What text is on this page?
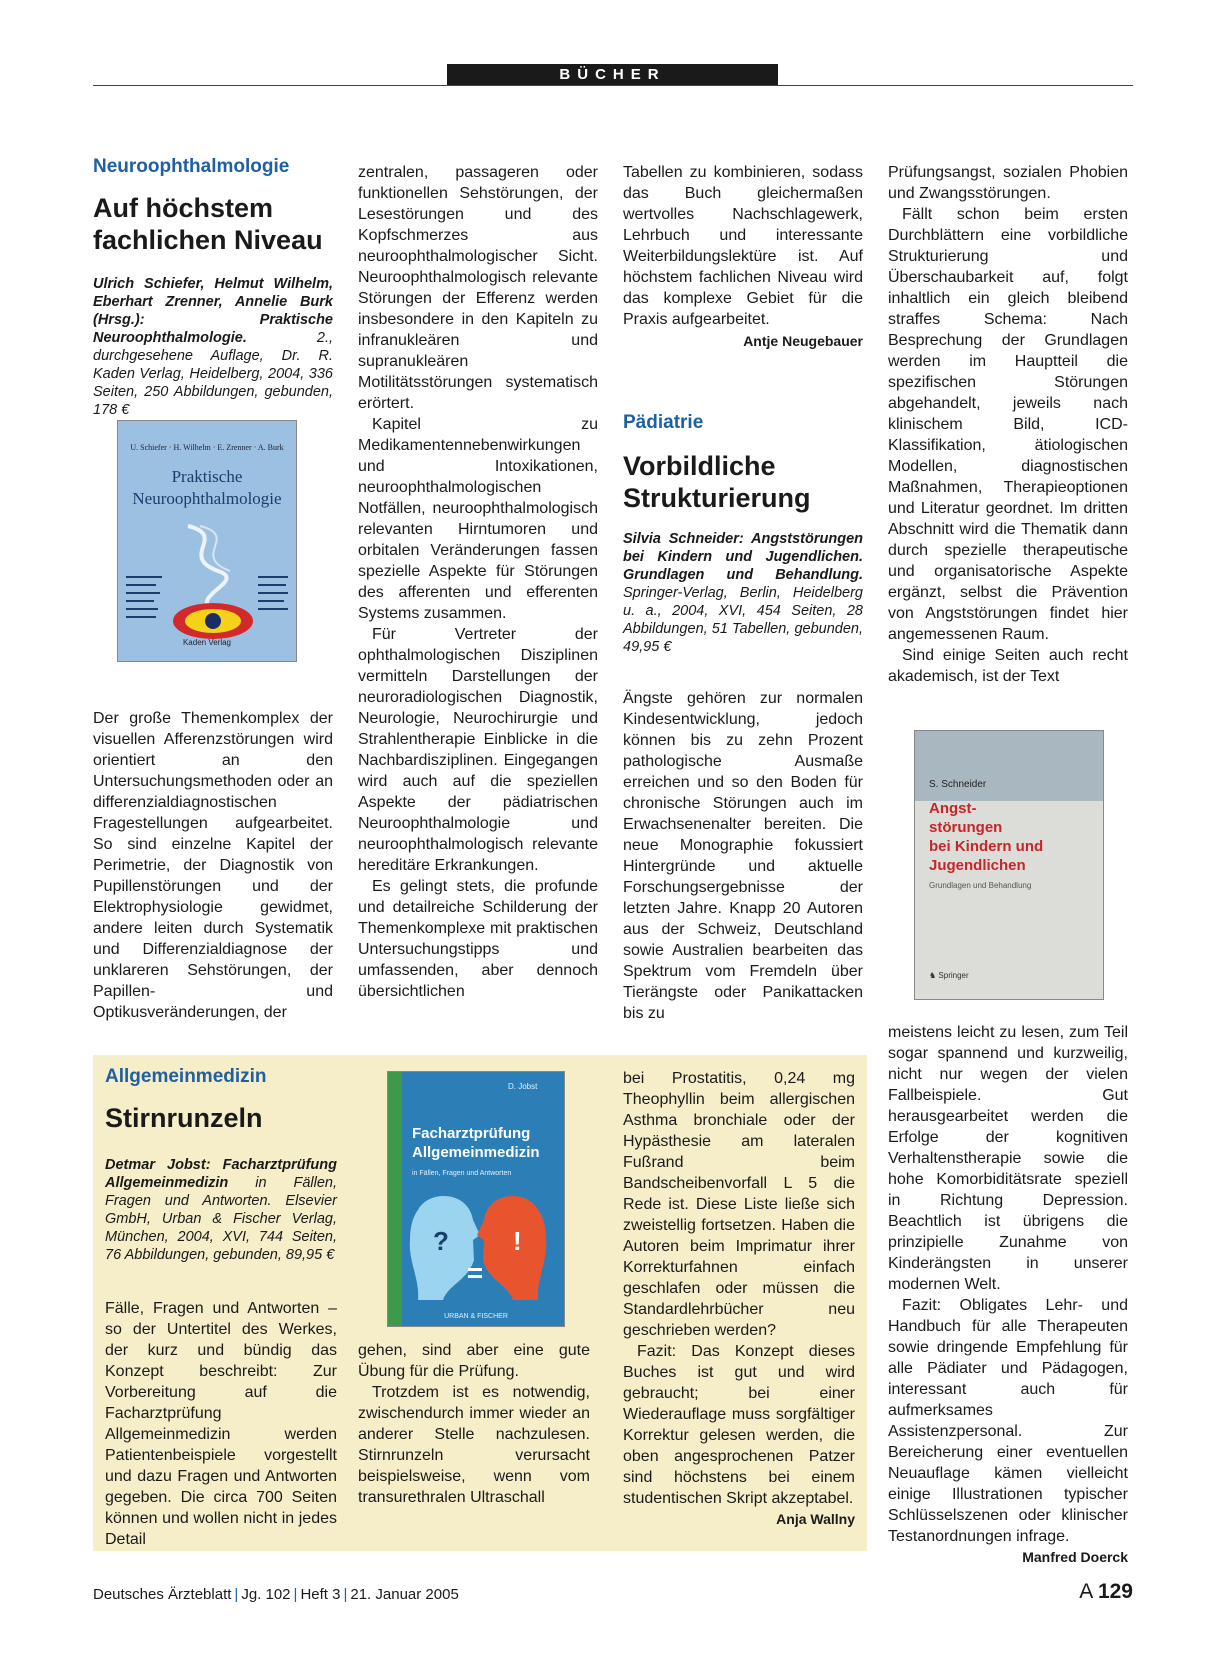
BÜCHER
Neuroophthalmologie
Auf höchstem
fachlichen Niveau
Ulrich Schiefer, Helmut Wilhelm, Eberhart Zrenner, Annelie Burk (Hrsg.): Praktische Neuroophthalmologie.	2., durchgesehene Auflage, Dr. R. Kaden Verlag, Heidelberg, 2004, 336 Seiten, 250 Abbildungen, gebunden, 178 €
U. Schiefer · H. Wilhelm · E. Zrenner · A. Burk
Praktische Neuroophthalmologie
Kaden Verlag

Der große Themenkomplex der visuellen Afferenzstörungen wird orientiert an den Untersuchungsmethoden oder an differenzialdiagnostischen Fragestellungen aufgearbeitet. So sind einzelne Kapitel der Perimetrie, der Diagnostik von Pupillenstörungen und der Elektrophysiologie gewidmet, andere leiten durch Systematik und Differenzialdiagnose der unklareren Sehstörungen, der Papillen- und Optikusveränderungen, der

zentralen, passageren oder funktionellen Sehstörungen, der Lesestörungen und des Kopfschmerzes aus neuroophthalmologischer Sicht. Neuroophthalmologisch relevante Störungen der Efferenz werden insbesondere in den Kapiteln zu infranukleären und supranukleären Motilitätsstörungen systematisch erörtert.

Kapitel zu Medikamentennebenwirkungen und Intoxikationen, neuroophthalmologischen Notfällen, neuroophthalmologisch relevanten Hirntumoren und orbitalen Veränderungen fassen spezielle Aspekte für Störungen des afferenten und efferenten Systems zusammen.

Für Vertreter der ophthalmologischen Disziplinen vermitteln Darstellungen der neuroradiologischen Diagnostik, Neurologie, Neurochirurgie und Strahlentherapie Einblicke in die Nachbardisziplinen. Eingegangen wird auch auf die speziellen Aspekte der pädiatrischen Neuroophthalmologie und neuroophthalmologisch relevante hereditäre Erkrankungen.

Es gelingt stets, die profunde und detailreiche Schilderung der Themenkomplexe mit praktischen Untersuchungstipps und umfassenden, aber dennoch übersichtlichen

Tabellen zu kombinieren, sodass das Buch gleichermaßen wertvolles Nachschlagewerk, Lehrbuch und interessante Weiterbildungslektüre ist. Auf höchstem fachlichen Niveau wird das komplexe Gebiet für die Praxis aufgearbeitet.

Antje Neugebauer
Pädiatrie
Vorbildliche
Strukturierung
Silvia Schneider: Angststörungen bei Kindern und Jugendlichen. Grundlagen und Behandlung. Springer-Verlag, Berlin, Heidelberg u. a., 2004, XVI, 454 Seiten, 28 Abbildungen, 51 Tabellen, gebunden, 49,95 €

Ängste gehören zur normalen Kindesentwicklung, jedoch können bis zu zehn Prozent pathologische Ausmaße erreichen und so den Boden für chronische Störungen auch im Erwachsenenalter bereiten. Die neue Monographie fokussiert Hintergründe und aktuelle Forschungsergebnisse der letzten Jahre. Knapp 20 Autoren aus der Schweiz, Deutschland sowie Australien bearbeiten das Spektrum vom Fremdeln über Tierängste oder Panikattacken bis zu

Prüfungsangst, sozialen Phobien und Zwangsstörungen.

Fällt schon beim ersten Durchblättern eine vorbildliche Strukturierung und Überschaubarkeit auf, folgt inhaltlich ein gleich bleibend straffes Schema: Nach Besprechung der Grundlagen werden im Hauptteil die spezifischen Störungen abgehandelt, jeweils nach klinischem Bild, ICD-Klassifikation, ätiologischen Modellen, diagnostischen Maßnahmen, Therapieoptionen und Literatur geordnet. Im dritten Abschnitt wird die Thematik dann durch spezielle therapeutische und organisatorische Aspekte ergänzt, selbst die Prävention von Angststörungen findet hier angemessenen Raum.

Sind einige Seiten auch recht akademisch, ist der Text

S. Schneider
Angst-
störungen
bei Kindern und
Jugendlichen
Grundlagen und Behandlung
♞ Springer

meistens leicht zu lesen, zum Teil sogar spannend und kurzweilig, nicht nur wegen der vielen Fallbeispiele. Gut herausgearbeitet werden die Erfolge der kognitiven Verhaltenstherapie sowie die hohe Komorbiditätsrate speziell in Richtung Depression. Beachtlich ist übrigens die prinzipielle Zunahme von Kinderängsten in unserer modernen Welt.

Fazit: Obligates Lehr- und Handbuch für alle Therapeuten sowie dringende Empfehlung für alle Pädiater und Pädagogen, interessant auch für aufmerksames Assistenzpersonal. Zur Bereicherung einer eventuellen Neuauflage kämen vielleicht einige Illustrationen typischer Schlüsselszenen oder klinischer Testanordnungen infrage.
Manfred Doerck

Allgemeinmedizin
Stirnrunzeln
Detmar Jobst: Facharztprüfung Allgemeinmedizin in Fällen, Fragen und Antworten. Elsevier GmbH, Urban & Fischer Verlag, München, 2004, XVI, 744 Seiten, 76 Abbildungen, gebunden, 89,95 €

Fälle, Fragen und Antworten – so der Untertitel des Werkes, der kurz und bündig das Konzept beschreibt: Zur Vorbereitung auf die Facharztprüfung Allgemeinmedizin werden Patientenbeispiele vorgestellt und dazu Fragen und Antworten gegeben. Die circa 700 Seiten können und wollen nicht in jedes Detail

D. Jobst
Facharztprüfung
Allgemeinmedizin
in Fällen, Fragen und Antworten
? !
URBAN & FISCHER

gehen, sind aber eine gute Übung für die Prüfung.

Trotzdem ist es notwendig, zwischendurch immer wieder an anderer Stelle nachzulesen. Stirnrunzeln verursacht beispielsweise, wenn vom transurethralen Ultraschall

bei Prostatitis, 0,24 mg Theophyllin beim allergischen Asthma bronchiale oder der Hypästhesie am lateralen Fußrand beim Bandscheibenvorfall L 5 die Rede ist. Diese Liste ließe sich zweistellig fortsetzen. Haben die Autoren beim Imprimatur ihrer Korrekturfahnen einfach geschlafen oder müssen die Standardlehrbücher neu geschrieben werden?

Fazit: Das Konzept dieses Buches ist gut und wird gebraucht; bei einer Wiederauflage muss sorgfältiger Korrektur gelesen werden, die oben angesprochenen Patzer sind höchstens bei einem studentischen Skript akzeptabel.
Anja Wallny

Deutsches Ärzteblatt | Jg. 102 | Heft 3 | 21. Januar 2005	A 129
